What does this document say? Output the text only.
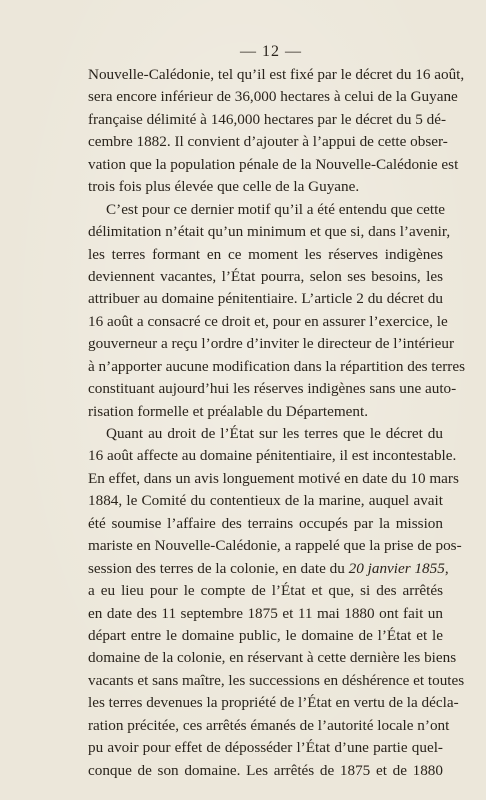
— 12 —
Nouvelle-Calédonie, tel qu’il est fixé par le décret du 16 août,
sera encore inférieur de 36,000 hectares à celui de la Guyane
française délimité à 146,000 hectares par le décret du 5 dé-
cembre 1882. Il convient d’ajouter à l’appui de cette obser-
vation que la population pénale de la Nouvelle-Calédonie est
trois fois plus élevée que celle de la Guyane.
C’est pour ce dernier motif qu’il a été entendu que cette
délimitation n’était qu’un minimum et que si, dans l’avenir,
les terres formant en ce moment les réserves indigènes
deviennent vacantes, l’État pourra, selon ses besoins, les
attribuer au domaine pénitentiaire. L’article 2 du décret du
16 août a consacré ce droit et, pour en assurer l’exercice, le
gouverneur a reçu l’ordre d’inviter le directeur de l’intérieur
à n’apporter aucune modification dans la répartition des terres
constituant aujourd’hui les réserves indigènes sans une auto-
risation formelle et préalable du Département.
Quant au droit de l’État sur les terres que le décret du
16 août affecte au domaine pénitentiaire, il est incontestable.
En effet, dans un avis longuement motivé en date du 10 mars
1884, le Comité du contentieux de la marine, auquel avait
été soumise l’affaire des terrains occupés par la mission
mariste en Nouvelle-Calédonie, a rappelé que la prise de pos-
session des terres de la colonie, en date du 20 janvier 1855,
a eu lieu pour le compte de l’État et que, si des arrêtés
en date des 11 septembre 1875 et 11 mai 1880 ont fait un
départ entre le domaine public, le domaine de l’État et le
domaine de la colonie, en réservant à cette dernière les biens
vacants et sans maître, les successions en déshérence et toutes
les terres devenues la propriété de l’État en vertu de la décla-
ration précitée, ces arrêtés émanés de l’autorité locale n’ont
pu avoir pour effet de déposséder l’État d’une partie quel-
conque de son domaine. Les arrêtés de 1875 et de 1880
